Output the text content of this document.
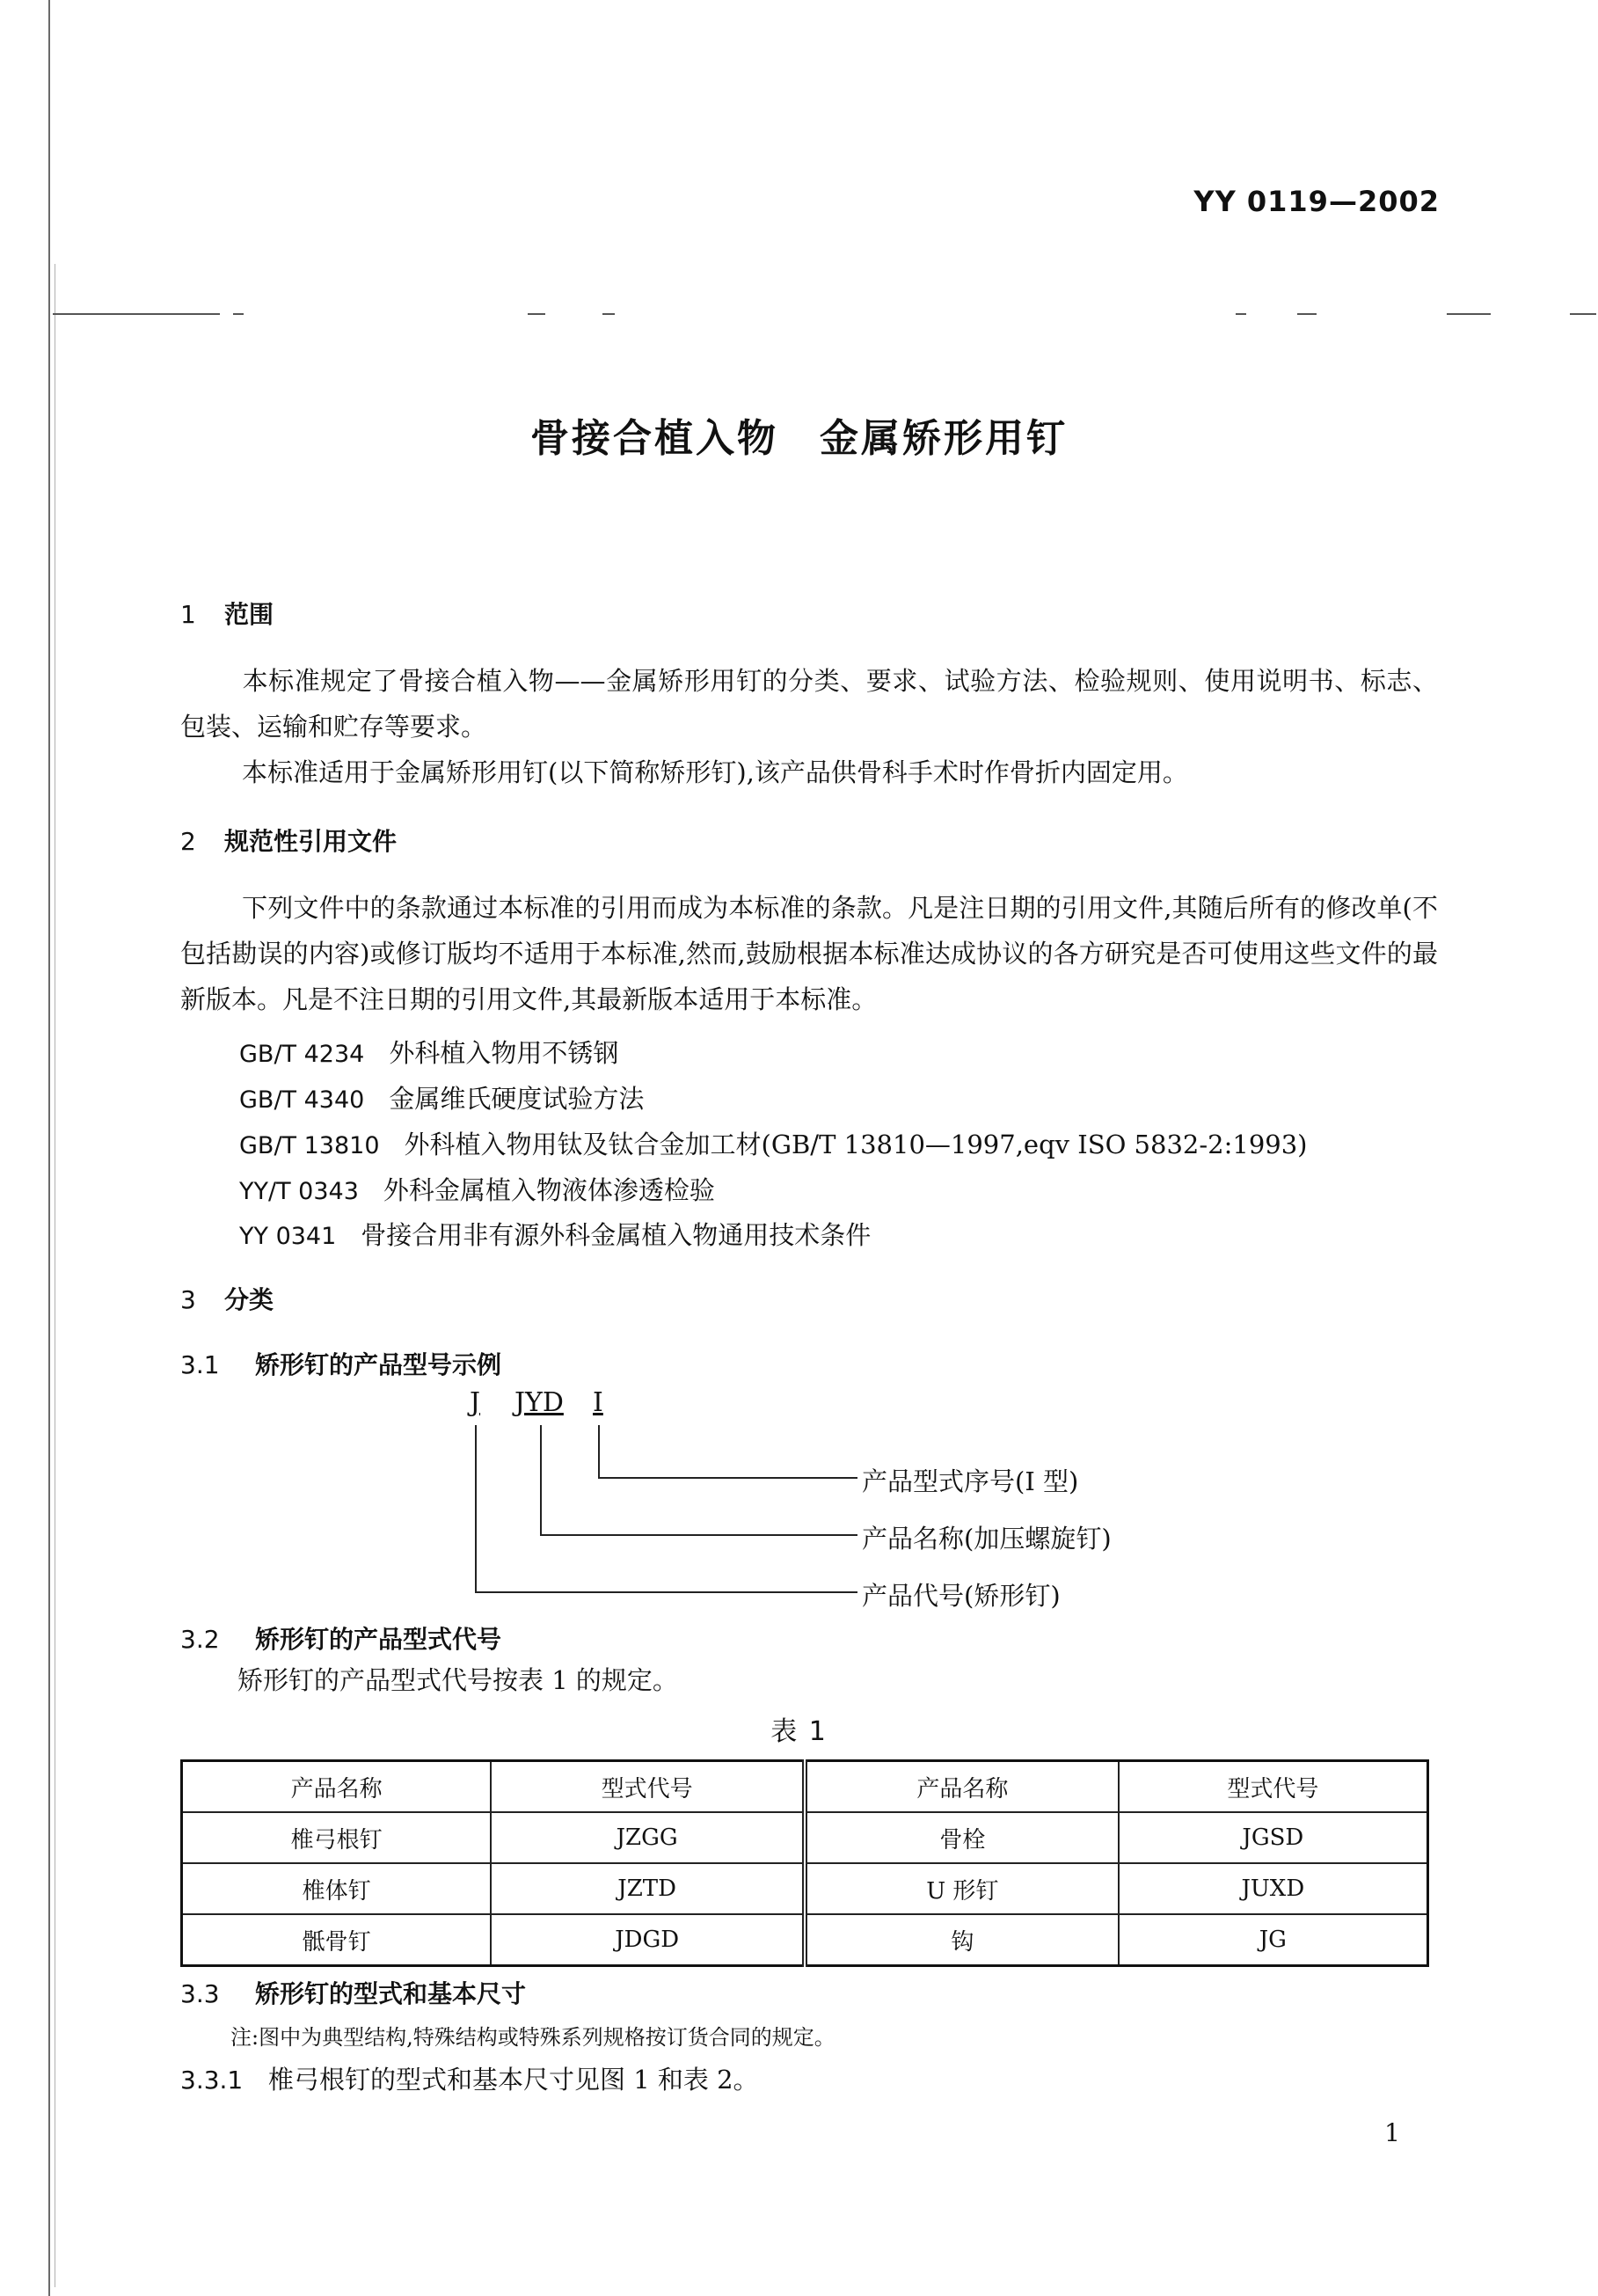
YY 0119—2002
骨接合植入物　金属矫形用钉
1 范围
本标准规定了骨接合植入物——金属矫形用钉的分类、要求、试验方法、检验规则、使用说明书、标志、包装、运输和贮存等要求。
本标准适用于金属矫形用钉(以下简称矫形钉),该产品供骨科手术时作骨折内固定用。
2 规范性引用文件
下列文件中的条款通过本标准的引用而成为本标准的条款。凡是注日期的引用文件,其随后所有的修改单(不包括勘误的内容)或修订版均不适用于本标准,然而,鼓励根据本标准达成协议的各方研究是否可使用这些文件的最新版本。凡是不注日期的引用文件,其最新版本适用于本标准。
GB/T 4234 外科植入物用不锈钢
GB/T 4340 金属维氏硬度试验方法
GB/T 13810 外科植入物用钛及钛合金加工材(GB/T 13810—1997,eqv ISO 5832-2:1993)
YY/T 0343 外科金属植入物液体渗透检验
YY 0341 骨接合用非有源外科金属植入物通用技术条件
3 分类
3.1 矫形钉的产品型号示例
J JYD I
产品型式序号(I 型)
产品名称(加压螺旋钉)
产品代号(矫形钉)
3.2 矫形钉的产品型式代号
矫形钉的产品型式代号按表 1 的规定。
表 1
产品名称	型式代号	产品名称	型式代号
椎弓根钉	JZGG	骨栓	JGSD
椎体钉	JZTD	U 形钉	JUXD
骶骨钉	JDGD	钩	JG
3.3 矫形钉的型式和基本尺寸
注:图中为典型结构,特殊结构或特殊系列规格按订货合同的规定。
3.3.1 椎弓根钉的型式和基本尺寸见图 1 和表 2。
1
